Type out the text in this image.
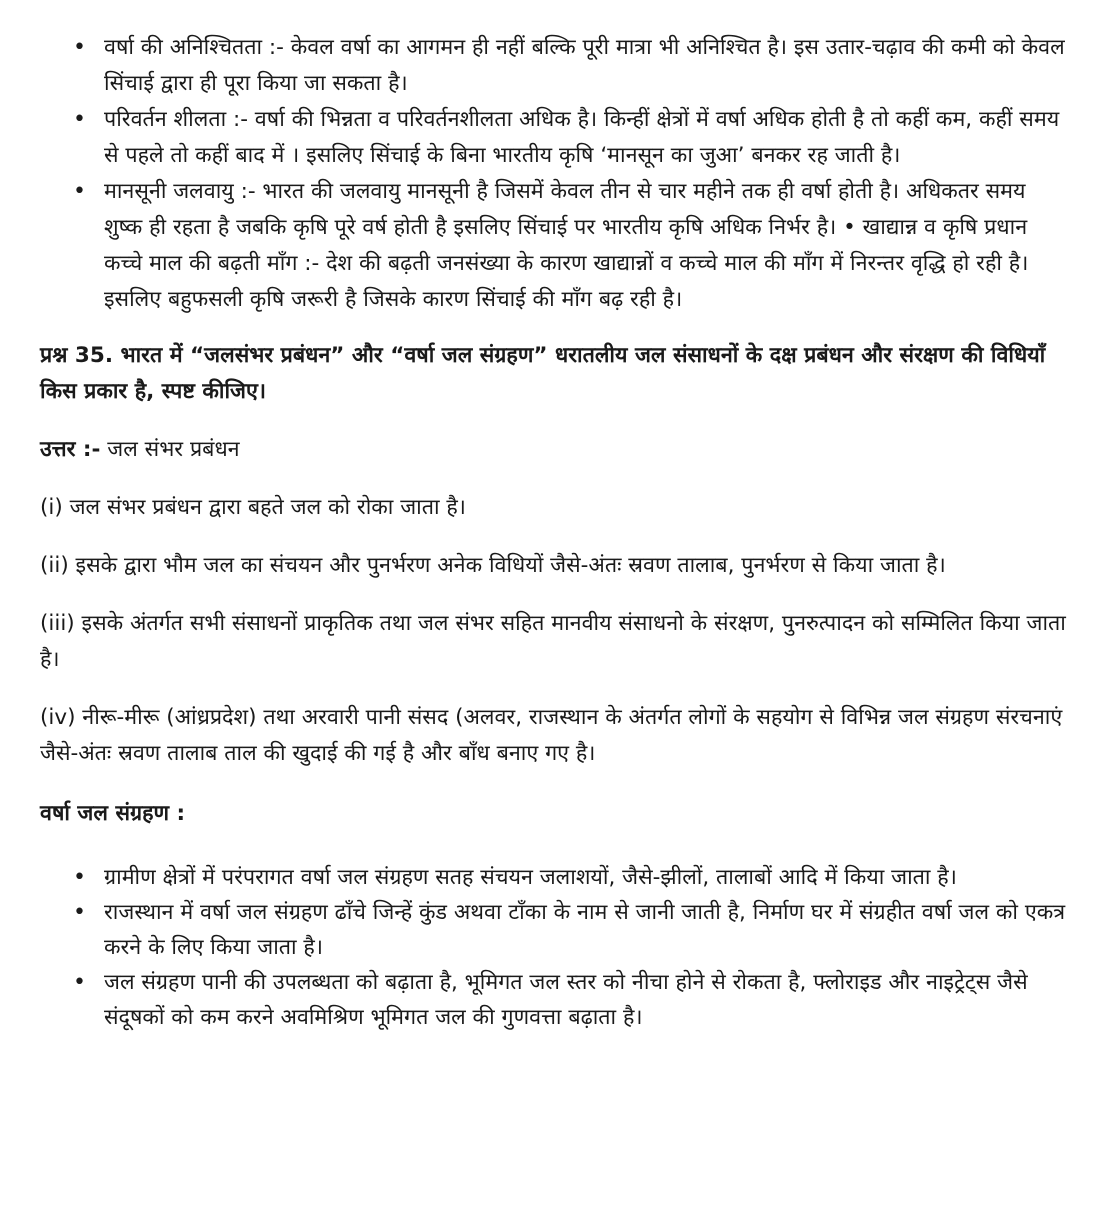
• वर्षा की अनिश्चितता :- केवल वर्षा का आगमन ही नहीं बल्कि पूरी मात्रा भी अनिश्चित है। इस उतार-चढ़ाव की कमी को केवल सिंचाई द्वारा ही पूरा किया जा सकता है।
• परिवर्तन शीलता :- वर्षा की भिन्नता व परिवर्तनशीलता अधिक है। किन्हीं क्षेत्रों में वर्षा अधिक होती है तो कहीं कम, कहीं समय से पहले तो कहीं बाद में । इसलिए सिंचाई के बिना भारतीय कृषि ‘मानसून का जुआ’ बनकर रह जाती है।
• मानसूनी जलवायु :- भारत की जलवायु मानसूनी है जिसमें केवल तीन से चार महीने तक ही वर्षा होती है। अधिकतर समय शुष्क ही रहता है जबकि कृषि पूरे वर्ष होती है इसलिए सिंचाई पर भारतीय कृषि अधिक निर्भर है। • खाद्यान्न व कृषि प्रधान कच्चे माल की बढ़ती माँग :- देश की बढ़ती जनसंख्या के कारण खाद्यान्नों व कच्चे माल की माँग में निरन्तर वृद्धि हो रही है। इसलिए बहुफसली कृषि जरूरी है जिसके कारण सिंचाई की माँग बढ़ रही है।
प्रश्न 35. भारत में “जलसंभर प्रबंधन” और “वर्षा जल संग्रहण” धरातलीय जल संसाधनों के दक्ष प्रबंधन और संरक्षण की विधियाँ किस प्रकार है, स्पष्ट कीजिए।
उत्तर :- जल संभर प्रबंधन
(i) जल संभर प्रबंधन द्वारा बहते जल को रोका जाता है।
(ii) इसके द्वारा भौम जल का संचयन और पुनर्भरण अनेक विधियों जैसे-अंतः स्रवण तालाब, पुनर्भरण से किया जाता है।
(iii) इसके अंतर्गत सभी संसाधनों प्राकृतिक तथा जल संभर सहित मानवीय संसाधनो के संरक्षण, पुनरुत्पादन को सम्मिलित किया जाता है।
(iv) नीरू-मीरू (आंध्रप्रदेश) तथा अरवारी पानी संसद (अलवर, राजस्थान के अंतर्गत लोगों के सहयोग से विभिन्न जल संग्रहण संरचनाएं जैसे-अंतः स्रवण तालाब ताल की खुदाई की गई है और बाँध बनाए गए है।
वर्षा जल संग्रहण :
• ग्रामीण क्षेत्रों में परंपरागत वर्षा जल संग्रहण सतह संचयन जलाशयों, जैसे-झीलों, तालाबों आदि में किया जाता है।
• राजस्थान में वर्षा जल संग्रहण ढाँचे जिन्हें कुंड अथवा टाँका के नाम से जानी जाती है, निर्माण घर में संग्रहीत वर्षा जल को एकत्र करने के लिए किया जाता है।
• जल संग्रहण पानी की उपलब्धता को बढ़ाता है, भूमिगत जल स्तर को नीचा होने से रोकता है, फ्लोराइड और नाइट्रेट्स जैसे संदूषकों को कम करने अवमिश्रिण भूमिगत जल की गुणवत्ता बढ़ाता है।
